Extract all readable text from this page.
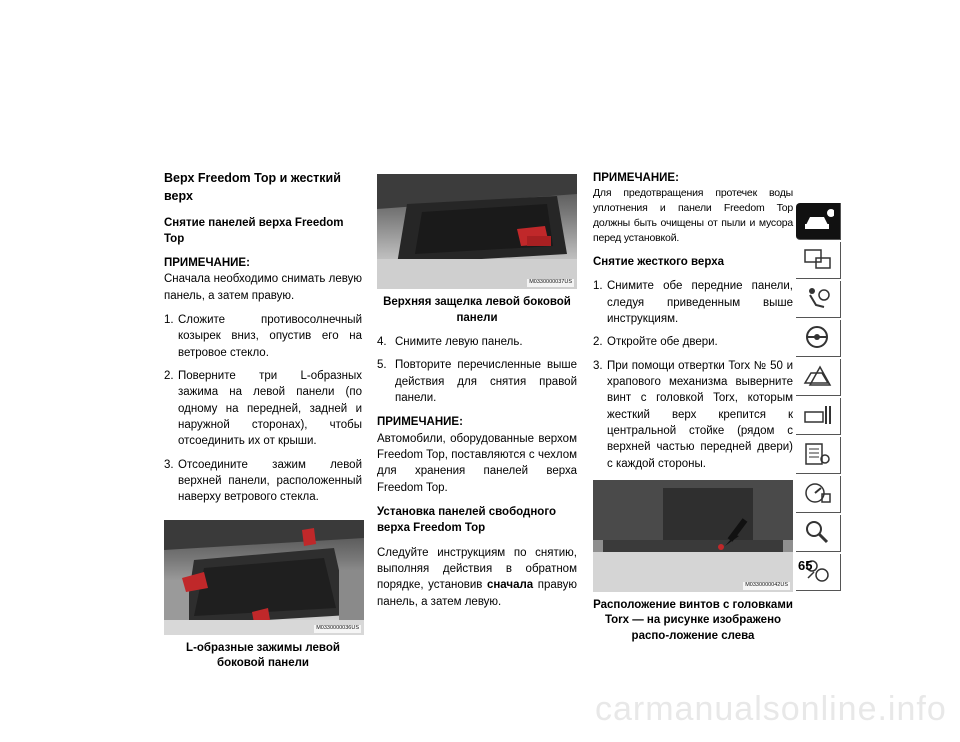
Верх Freedom Top и жесткий верх
Снятие панелей верха Freedom Top
ПРИМЕЧАНИЕ:

Сначала необходимо снимать левую панель, а затем правую.

1. Сложите противосолнечный козырек вниз, опустив его на ветровое стекло.
2. Поверните три L-образных зажима на левой панели (по одному на передней, задней и наружной сторонах), чтобы отсоединить их от крыши.
3. Отсоедините зажим левой верхней панели, расположенный наверху ветрового стекла.
M0330000036US
L-образные зажимы левой боковой панели
M0330000037US
Верхняя защелка левой боковой панели
4. Снимите левую панель.
5. Повторите перечисленные выше действия для снятия правой панели.
ПРИМЕЧАНИЕ:

Автомобили, оборудованные верхом Freedom Top, поставляются с чехлом для хранения панелей верха Freedom Top.

Установка панелей свободного верха Freedom Top

Следуйте инструкциям по снятию, выполняя действия в обратном порядке, установив сначала правую панель, а затем левую.

ПРИМЕЧАНИЕ:

Для предотвращения протечек воды уплотнения и панели Freedom Top должны быть очищены от пыли и мусора перед установкой.

Снятие жесткого верха
1. Снимите обе передние панели, следуя приведенным выше инструкциям.
2. Откройте обе двери.
3. При помощи отвертки Torx № 50 и храпового механизма выверните винт с головкой Torx, которым жесткий верх крепится к центральной стойке (рядом с верхней частью передней двери) с каждой стороны.
M0330000042US
Расположение винтов с головками Torx — на рисунке изображено распо-ложение слева
65
carmanualsonline.info
